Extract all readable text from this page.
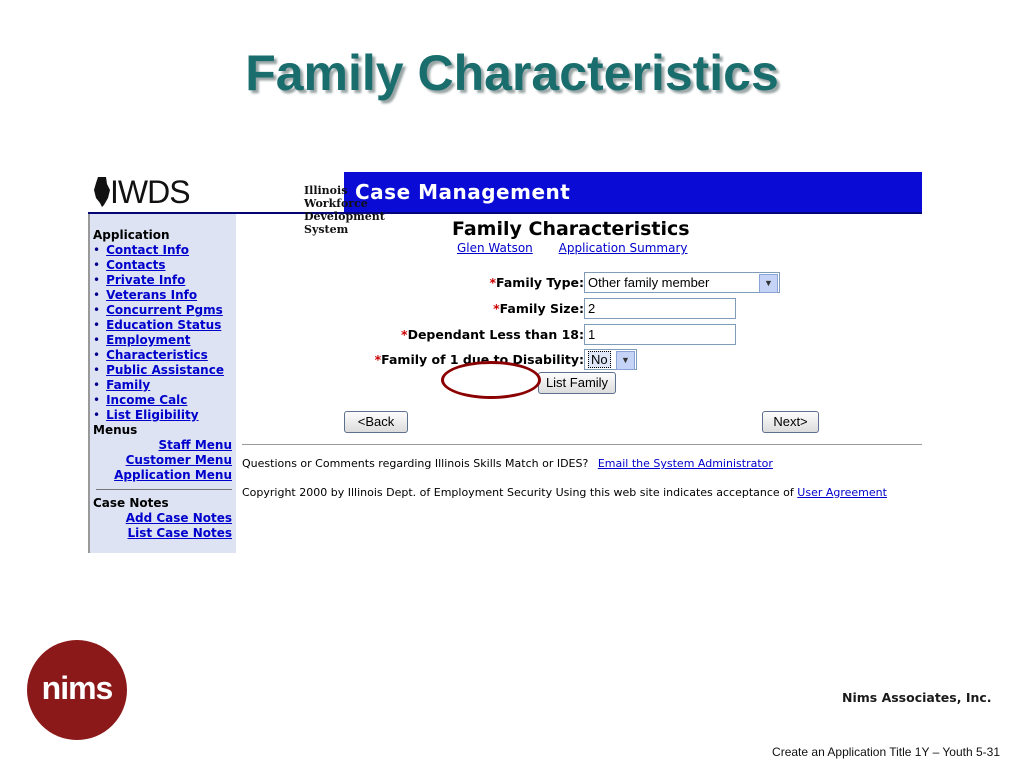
Family Characteristics
IWDS	Illinois Workforce
Development System
Case Management
Application
• Contact Info
• Contacts
• Private Info
• Veterans Info
• Concurrent Pgms
• Education Status
• Employment
• Characteristics
• Public Assistance
• Family
• Income Calc
• List Eligibility
Menus
Staff Menu
Customer Menu
Application Menu
Case Notes
Add Case Notes
List Case Notes
Family Characteristics
Glen Watson Application Summary
*Family Type: Other family member	▼
*Family Size: 2
*Dependant Less than 18: 1
*Family of 1 due to Disability: No	▼
List Family
<Back	Next>
Questions or Comments regarding Illinois Skills Match or IDES? Email the System Administrator
Copyright 2000 by Illinois Dept. of Employment Security Using this web site indicates acceptance of User Agreement
nims	Nims Associates, Inc.
Create an Application Title 1Y – Youth 5-31
